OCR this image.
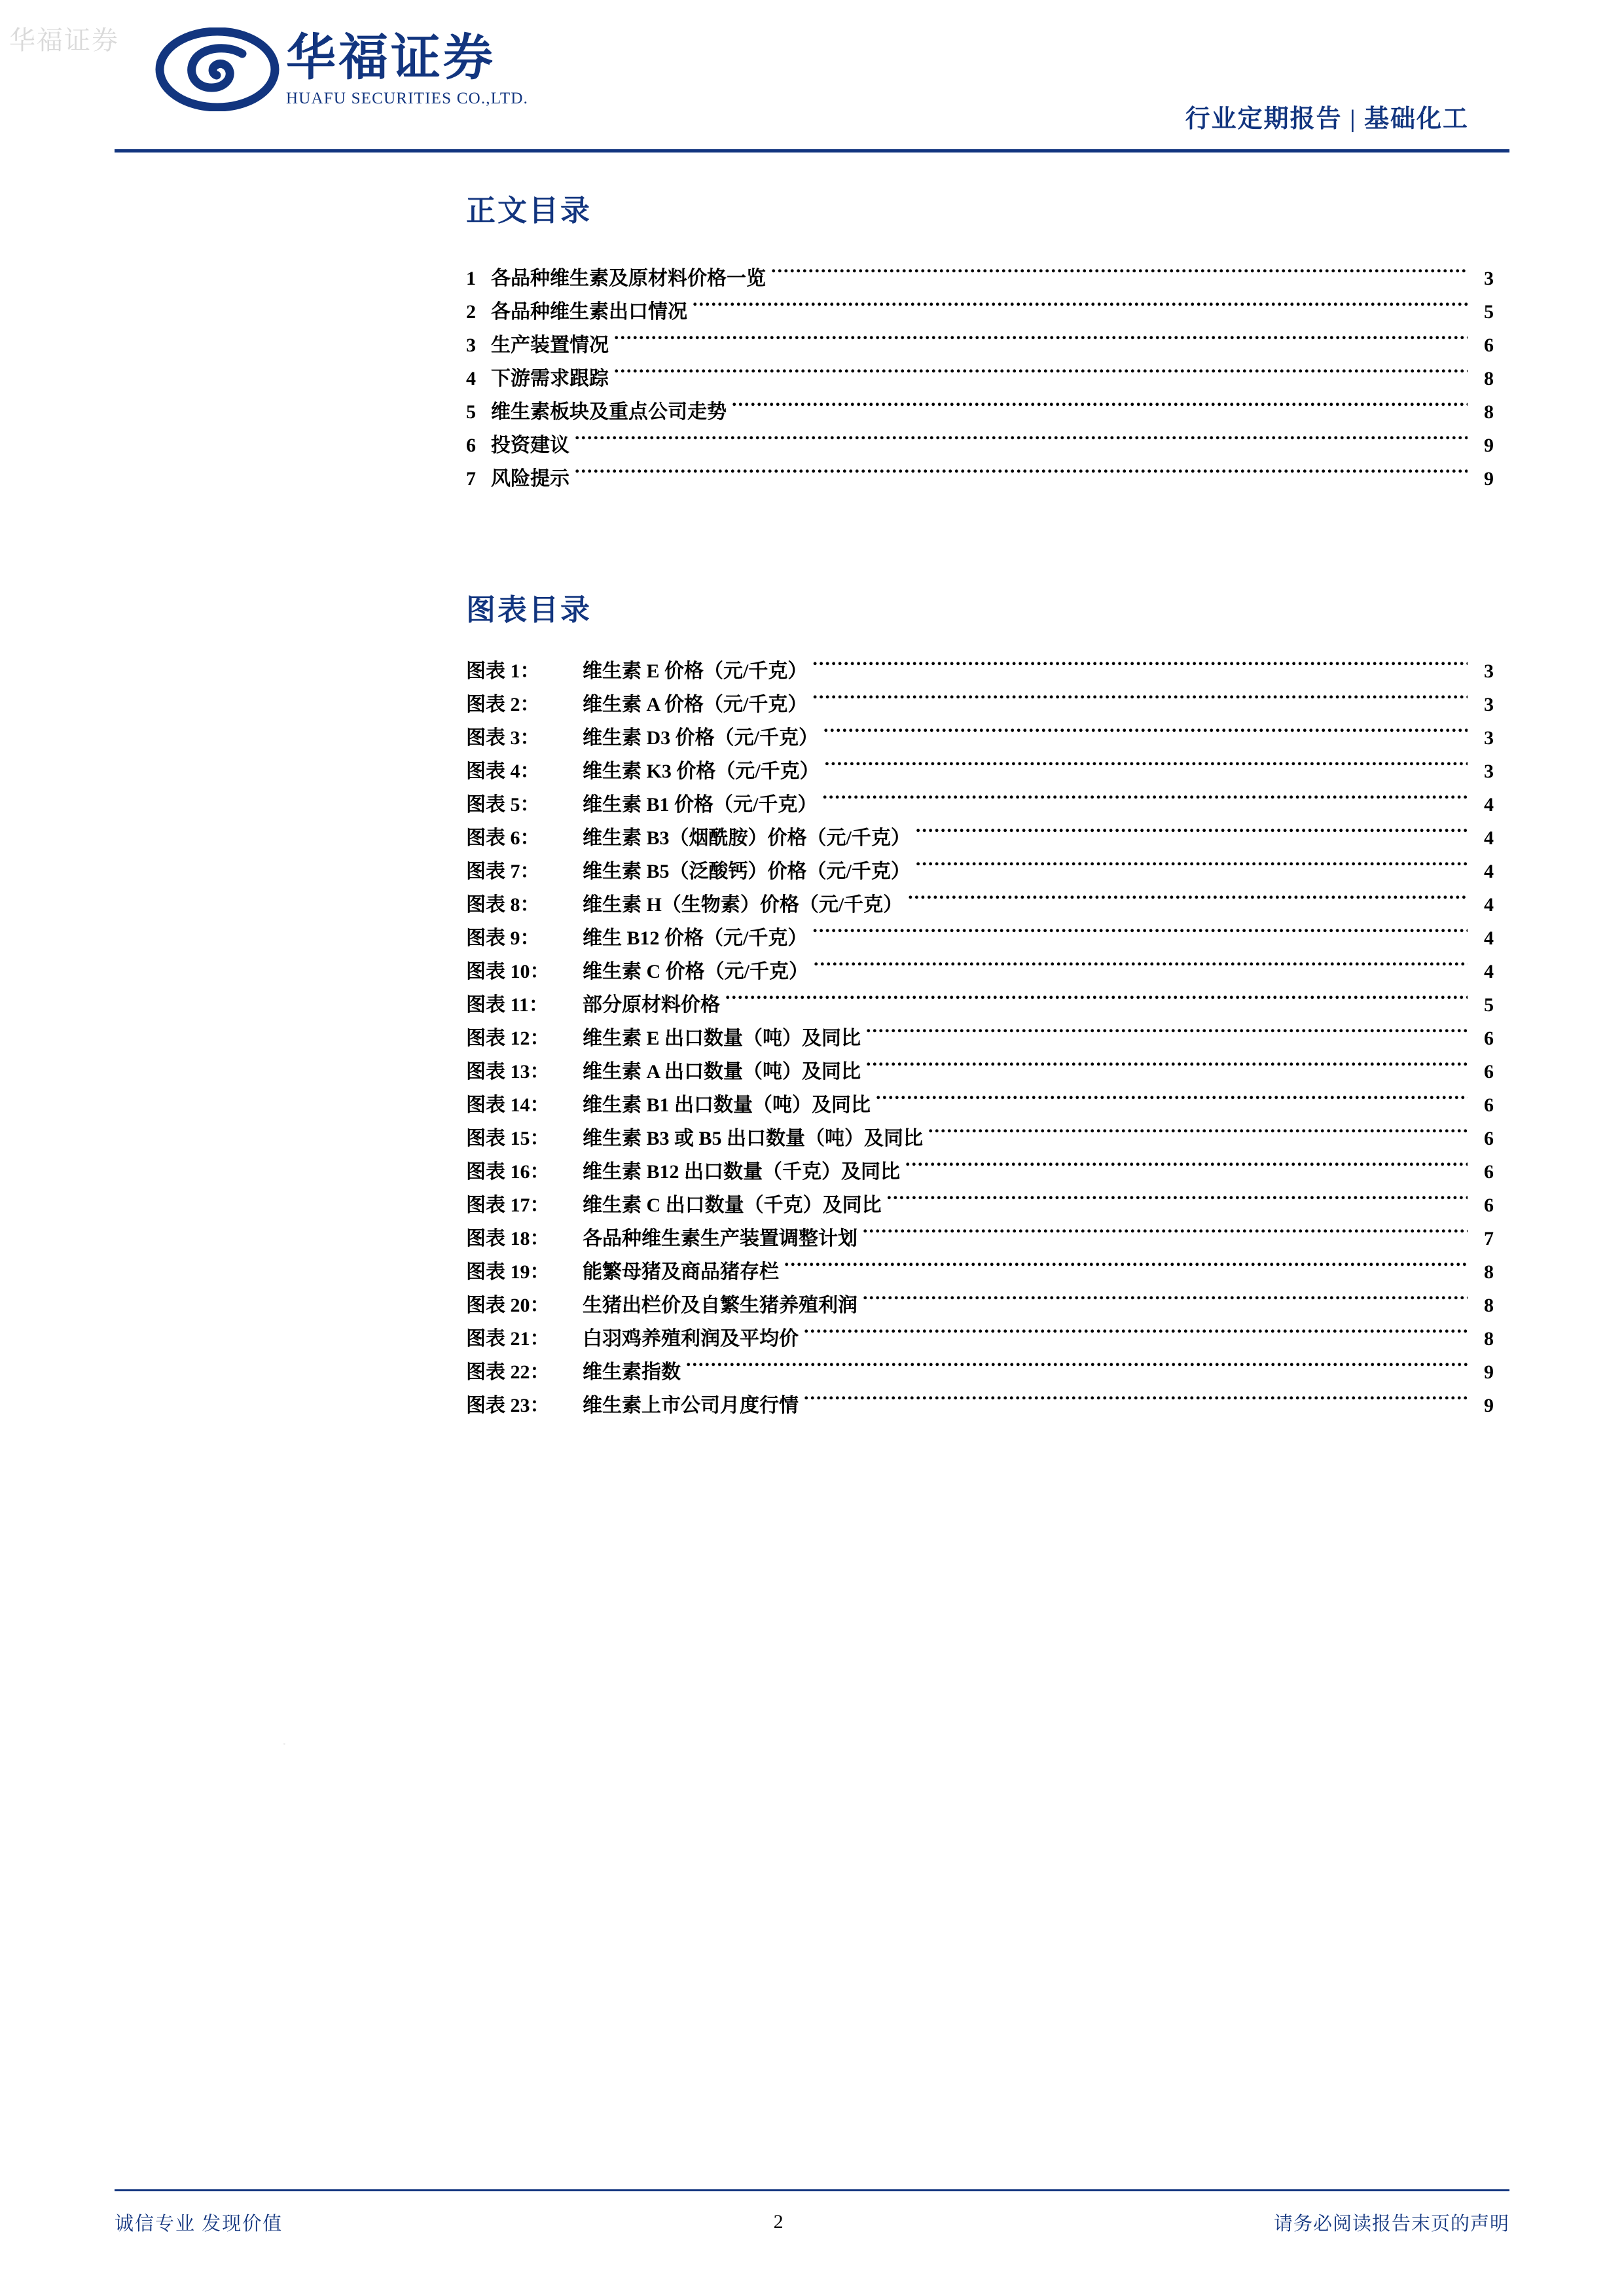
华福证券
·
华福证券
HUAFU SECURITIES CO.,LTD.
行业定期报告 | 基础化工
正文目录
1 各品种维生素及原材料价格一览 .....	3
2 各品种维生素出口情况 .....	5
3 生产装置情况 .....	6
4 下游需求跟踪 .....	8
5 维生素板块及重点公司走势 .....	8
6 投资建议 .....	9
7 风险提示 .....	9
图表目录
图表 1：	维生素 E 价格（元/千克） .....	3
图表 2：	维生素 A 价格（元/千克） .....	3
图表 3：	维生素 D3 价格（元/千克） .....	3
图表 4：	维生素 K3 价格（元/千克） .....	3
图表 5：	维生素 B1 价格（元/千克） .....	4
图表 6：	维生素 B3（烟酰胺）价格（元/千克） .....	4
图表 7：	维生素 B5（泛酸钙）价格（元/千克） .....	4
图表 8：	维生素 H（生物素）价格（元/千克） .....	4
图表 9：	维生 B12 价格（元/千克） .....	4
图表 10：	维生素 C 价格（元/千克） .....	4
图表 11：	部分原材料价格 .....	5
图表 12：	维生素 E 出口数量（吨）及同比 .....	6
图表 13：	维生素 A 出口数量（吨）及同比 .....	6
图表 14：	维生素 B1 出口数量（吨）及同比 .....	6
图表 15：	维生素 B3 或 B5 出口数量（吨）及同比 .....	6
图表 16：	维生素 B12 出口数量（千克）及同比 .....	6
图表 17：	维生素 C 出口数量（千克）及同比 .....	6
图表 18：	各品种维生素生产装置调整计划 .....	7
图表 19：	能繁母猪及商品猪存栏 .....	8
图表 20：	生猪出栏价及自繁生猪养殖利润 .....	8
图表 21：	白羽鸡养殖利润及平均价 .....	8
图表 22：	维生素指数 .....	9
图表 23：	维生素上市公司月度行情 .....	9
诚信专业 发现价值	2	请务必阅读报告末页的声明
